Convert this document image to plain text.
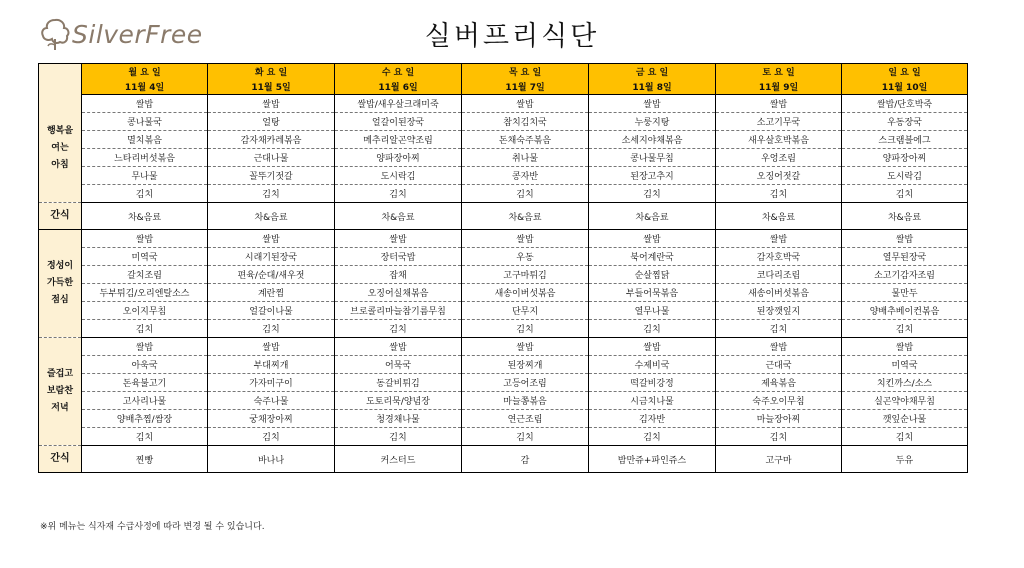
SilverFree	실버프리식단
	월 요 일	화 요 일	수 요 일	목 요 일	금 요 일	토 요 일	일 요 일
	11월 4일	11월 5일	11월 6일	11월 7일	11월 8일	11월 9일	11월 10일

행복을
여는
아침	쌀밥	쌀밥	쌀밥/새우살크래미죽	쌀밥	쌀밥	쌀밥	쌀밥/단호박죽
	콩나물국	얼탕	얼갈이된장국	참치김치국	누룽지탕	소고기무국	우동장국
	멸치볶음	감자채카레볶음	메추리알곤약조림	돈채숙주볶음	소세지야채볶음	새우살호박볶음	스크램블에그
	느타리버섯볶음	근대나물	양파장아찌	취나물	콩나물무침	우엉조림	양파장아찌
	무나물	꼴뚜기젓갈	도시락김	콩자반	된장고추지	오징어젓갈	도시락김
	김치	김치	김치	김치	김치	김치	김치
간식	차&음료	차&음료	차&음료	차&음료	차&음료	차&음료	차&음료

정성이
가득한
점심	쌀밥	쌀밥	쌀밥	쌀밥	쌀밥	쌀밥	쌀밥
	미역국	시래기된장국	장터국밥	우동	북어계란국	감자호박국	열무된장국
	갈치조림	편육/순대/새우젓	잡채	고구마튀김	순살찜닭	코다리조림	소고기감자조림
	두부튀김/오리엔탈소스	계란찜	오징어실채볶음	새송이버섯볶음	부들어묵볶음	새송이버섯볶음	물만두
	오이지무침	얼갈이나물	브로콜리마늘참기름무침	단무지	열무나물	된장깻잎지	양배추베이컨볶음
	김치	김치	김치	김치	김치	김치	김치

즐겁고
보람찬
저녁	쌀밥	쌀밥	쌀밥	쌀밥	쌀밥	쌀밥	쌀밥
	아욱국	부대찌개	어묵국	된장찌개	수제비국	근대국	미역국
	돈육불고기	가자미구이	동갈비튀김	고등어조림	떡갈비강정	제육볶음	치킨까스/소스
	고사리나물	숙주나물	도토리묵/양념장	마늘쫑볶음	시금치나물	숙주오이무침	실곤약야채무침
	양배추찜/쌈장	궁채장아찌	청경채나물	연근조림	김자반	마늘장아찌	깻잎순나물
	김치	김치	김치	김치	김치	김치	김치
간식	찐빵	바나나	커스터드	감	밤만쥬+파인쥬스	고구마	두유
※위 메뉴는 식자재 수급사정에 따라 변경 될 수 있습니다.
